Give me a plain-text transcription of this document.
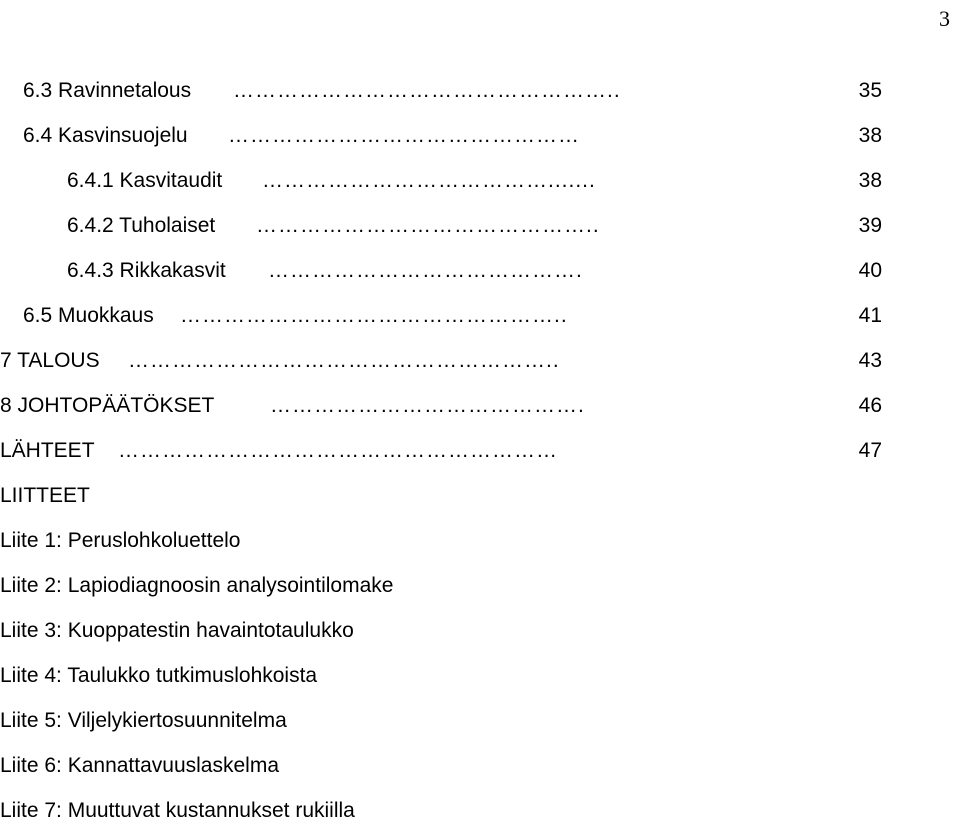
3
6.3 Ravinnetalous ……………………………………………..	35
6.4 Kasvinsuojelu …………………………………………	38
6.4.1 Kasvitaudit ………………………………….......	38
6.4.2 Tuholaiset ………………………………………..	39
6.4.3 Rikkakasvit …………………………………….	40
6.5 Muokkaus ……………………………………………..	41
7 TALOUS …………………………………………………..	43
8 JOHTOPÄÄTÖKSET	…………………………………….	46
LÄHTEET ……………………………………………………	47
LIITTEET
Liite 1: Peruslohkoluettelo
Liite 2: Lapiodiagnoosin analysointilomake
Liite 3: Kuoppatestin havaintotaulukko
Liite 4: Taulukko tutkimuslohkoista
Liite 5: Viljelykiertosuunnitelma
Liite 6: Kannattavuuslaskelma
Liite 7: Muuttuvat kustannukset rukiilla
